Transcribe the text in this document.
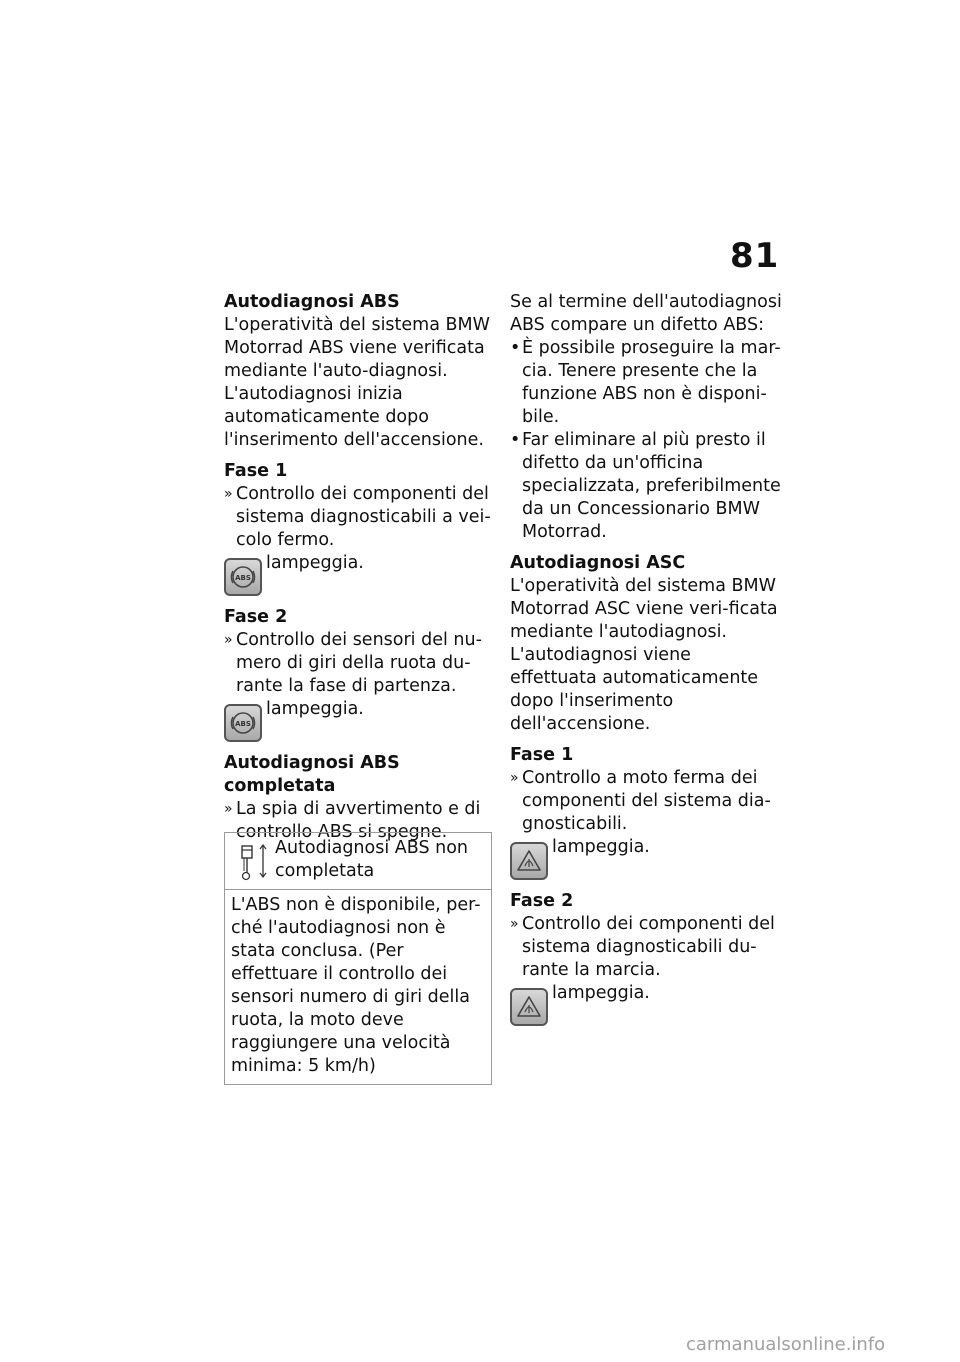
81
Autodiagnosi ABS
L'operatività del sistema BMW Motorrad ABS viene verificata mediante l'auto-diagnosi. L'autodiagnosi inizia automaticamente dopo l'inserimento dell'accensione.
Fase 1
» Controllo dei componenti del sistema diagnosticabili a vei-colo fermo.
ABS
lampeggia.
Fase 2
» Controllo dei sensori del nu-mero di giri della ruota du-rante la fase di partenza.
ABS
lampeggia.
Autodiagnosi ABS completata
» La spia di avvertimento e di controllo ABS si spegne.
Autodiagnosi ABS non completata
L'ABS non è disponibile, per-ché l'autodiagnosi non è stata conclusa. (Per effettuare il controllo dei sensori numero di giri della ruota, la moto deve raggiungere una velocità minima: 5 km/h)
Se al termine dell'autodiagnosi ABS compare un difetto ABS:
• È possibile proseguire la mar-cia. Tenere presente che la funzione ABS non è disponi-bile.
• Far eliminare al più presto il difetto da un'officina specializzata, preferibilmente da un Concessionario BMW Motorrad.
Autodiagnosi ASC
L'operatività del sistema BMW Motorrad ASC viene veri-ficata mediante l'autodiagnosi. L'autodiagnosi viene effettuata automaticamente dopo l'inserimento dell'accensione.
Fase 1
» Controllo a moto ferma dei componenti del sistema dia-gnosticabili.
lampeggia.
Fase 2
» Controllo dei componenti del sistema diagnosticabili du-rante la marcia.
lampeggia.
carmanualsonline.info
